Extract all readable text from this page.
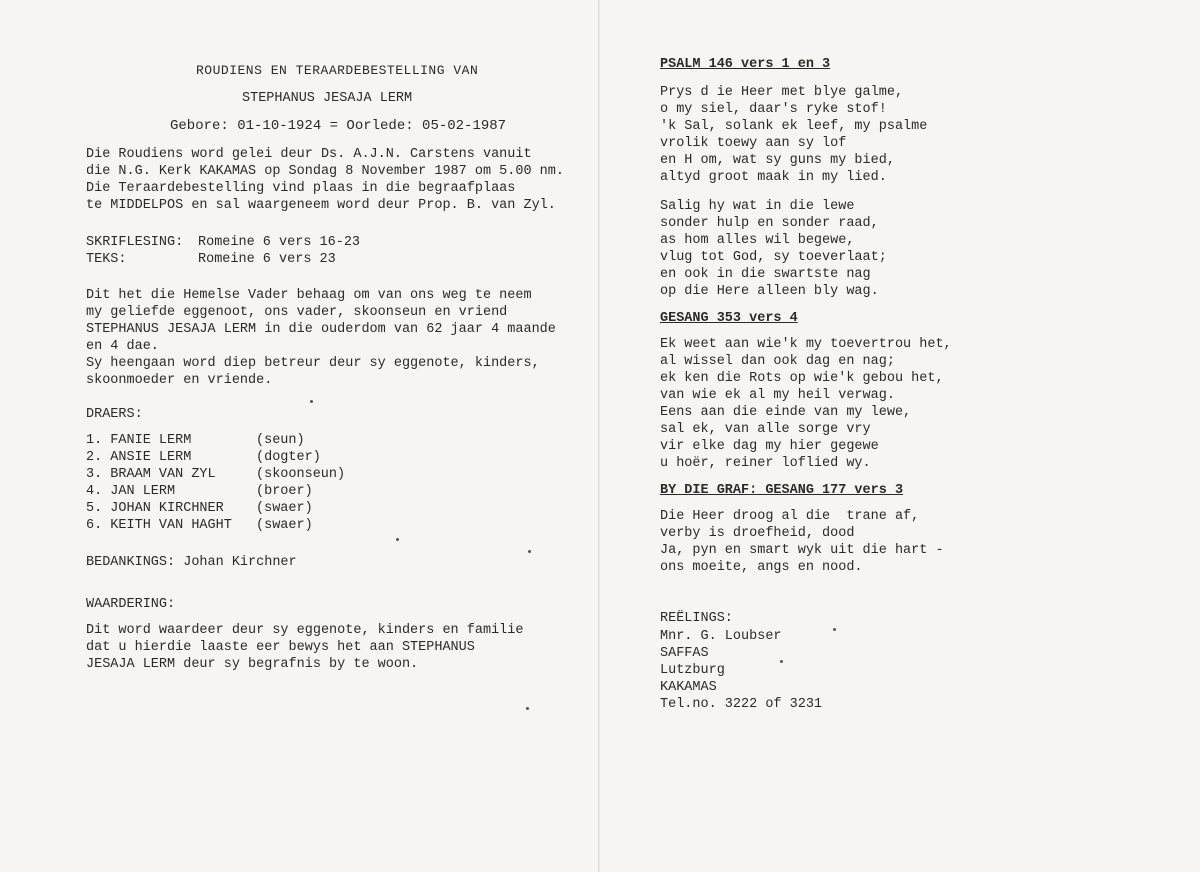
ROUDIENS EN TERAARDEBESTELLING VAN
STEPHANUS JESAJA LERM
Gebore: 01-10-1924 = Oorlede: 05-02-1987
Die Roudiens word gelei deur Ds. A.J.N. Carstens vanuit
die N.G. Kerk KAKAMAS op Sondag 8 November 1987 om 5.00 nm.
Die Teraardebestelling vind plaas in die begraafplaas
te MIDDELPOS en sal waargeneem word deur Prop. B. van Zyl.
SKRIFLESING: Romeine 6 vers 16-23
TEKS:	Romeine 6 vers 23
Dit het die Hemelse Vader behaag om van ons weg te neem
my geliefde eggenoot, ons vader, skoonseun en vriend
STEPHANUS JESAJA LERM in die ouderdom van 62 jaar 4 maande
en 4 dae.
Sy heengaan word diep betreur deur sy eggenote, kinders,
skoonmoeder en vriende.
DRAERS:
1. FANIE LERM	(seun)
2. ANSIE LERM	(dogter)
3. BRAAM VAN ZYL	(skoonseun)
4. JAN LERM	(broer)
5. JOHAN KIRCHNER (swaer)
6. KEITH VAN HAGHT (swaer)
BEDANKINGS: Johan Kirchner
WAARDERING:
Dit word waardeer deur sy eggenote, kinders en familie
dat u hierdie laaste eer bewys het aan STEPHANUS
JESAJA LERM deur sy begrafnis by te woon.
PSALM 146 vers 1 en 3
Prys d ie Heer met blye galme,
o my siel, daar's ryke stof!
'k Sal, solank ek leef, my psalme
vrolik toewy aan sy lof
en H om, wat sy guns my bied,
altyd groot maak in my lied.
Salig hy wat in die lewe
sonder hulp en sonder raad,
as hom alles wil begewe,
vlug tot God, sy toeverlaat;
en ook in die swartste nag
op die Here alleen bly wag.
GESANG 353 vers 4
Ek weet aan wie'k my toevertrou het,
al wissel dan ook dag en nag;
ek ken die Rots op wie'k gebou het,
van wie ek al my heil verwag.
Eens aan die einde van my lewe,
sal ek, van alle sorge vry
vir elke dag my hier gegewe
u hoër, reiner loflied wy.
BY DIE GRAF: GESANG 177 vers 3
Die Heer droog al die  trane af,
verby is droefheid, dood
Ja, pyn en smart wyk uit die hart -
ons moeite, angs en nood.
REËLINGS:
Mnr. G. Loubser
SAFFAS
Lutzburg
KAKAMAS
Tel.no. 3222 of 3231
